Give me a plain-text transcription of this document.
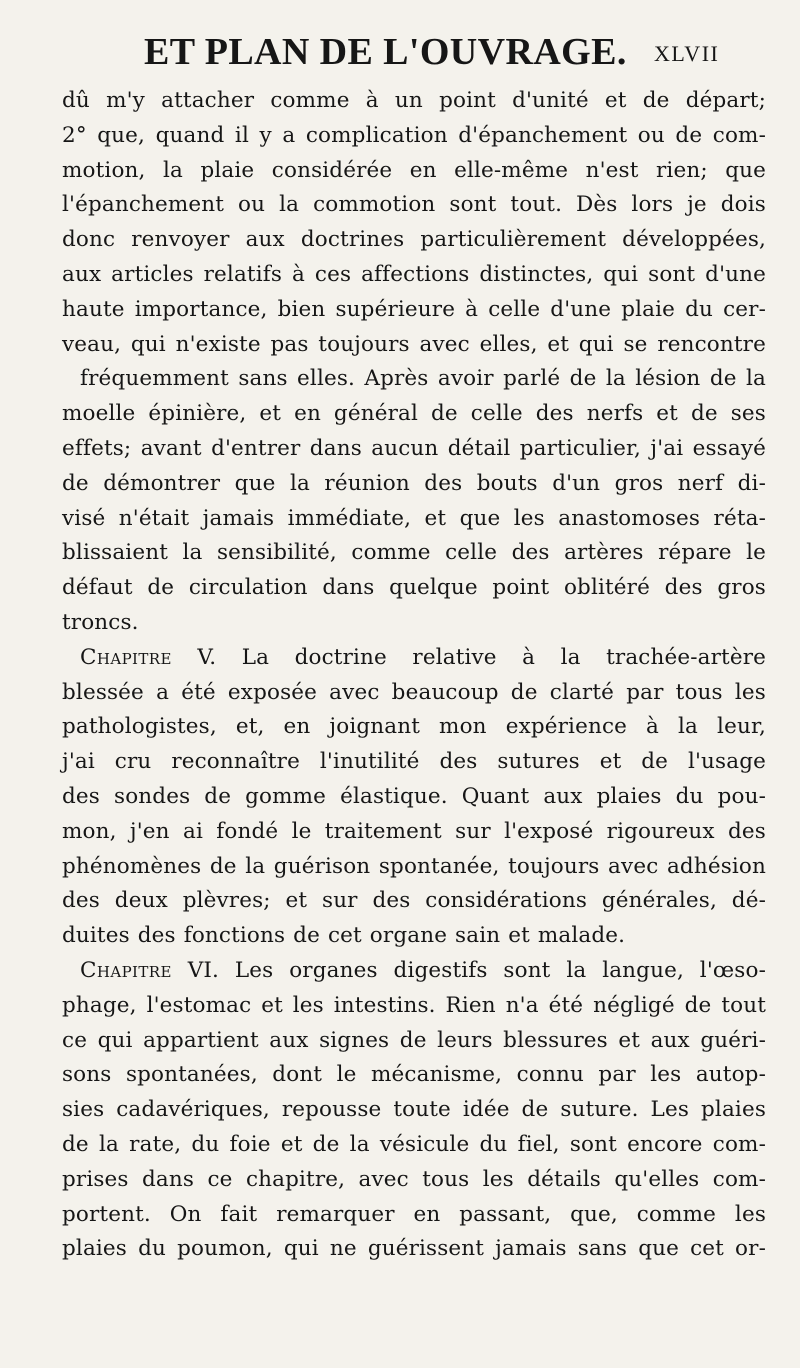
ET PLAN DE L'OUVRAGE. XLVII
dû m'y attacher comme à un point d'unité et de départ;
2° que, quand il y a complication d'épanchement ou de com-
motion, la plaie considérée en elle-même n'est rien; que
l'épanchement ou la commotion sont tout. Dès lors je dois
donc renvoyer aux doctrines particulièrement développées,
aux articles relatifs à ces affections distinctes, qui sont d'une
haute importance, bien supérieure à celle d'une plaie du cer-
veau, qui n'existe pas toujours avec elles, et qui se rencontre
fréquemment sans elles. Après avoir parlé de la lésion de la
moelle épinière, et en général de celle des nerfs et de ses
effets; avant d'entrer dans aucun détail particulier, j'ai essayé
de démontrer que la réunion des bouts d'un gros nerf di-
visé n'était jamais immédiate, et que les anastomoses réta-
blissaient la sensibilité, comme celle des artères répare le
défaut de circulation dans quelque point oblitéré des gros
troncs.
Chapitre V. La doctrine relative à la trachée-artère
blessée a été exposée avec beaucoup de clarté par tous les
pathologistes, et, en joignant mon expérience à la leur,
j'ai cru reconnaître l'inutilité des sutures et de l'usage
des sondes de gomme élastique. Quant aux plaies du pou-
mon, j'en ai fondé le traitement sur l'exposé rigoureux des
phénomènes de la guérison spontanée, toujours avec adhésion
des deux plèvres; et sur des considérations générales, dé-
duites des fonctions de cet organe sain et malade.
Chapitre VI. Les organes digestifs sont la langue, l'œso-
phage, l'estomac et les intestins. Rien n'a été négligé de tout
ce qui appartient aux signes de leurs blessures et aux guéri-
sons spontanées, dont le mécanisme, connu par les autop-
sies cadavériques, repousse toute idée de suture. Les plaies
de la rate, du foie et de la vésicule du fiel, sont encore com-
prises dans ce chapitre, avec tous les détails qu'elles com-
portent. On fait remarquer en passant, que, comme les
plaies du poumon, qui ne guérissent jamais sans que cet or-
